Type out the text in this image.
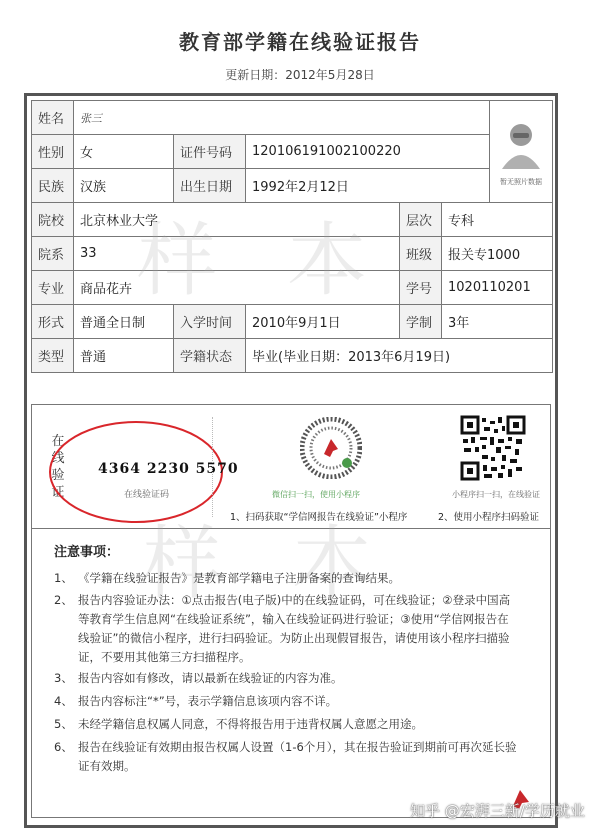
教育部学籍在线验证报告
更新日期：2012年5月28日
姓名	张三					暂无照片数据

性别	女	证件号码	120106191002100220			
民族	汉族	出生日期	1992年2月12日			
院校	北京林业大学			层次	专科	
院系	33			班级	报关专1000	
专业	商品花卉			学号	1020110201	
形式	普通全日制	入学时间	2010年9月1日	学制	3年	
类型	普通	学籍状态	毕业(毕业日期：2013年6月19日)			
样 本
在线验证
4364 2230 5570
在线验证码	微信扫一扫，使用小程序
1、扫码获取“学信网报告在线验证”小程序
小程序扫一扫，在线验证
2、使用小程序扫码验证
样 本
注意事项：
1、 《学籍在线验证报告》是教育部学籍电子注册备案的查询结果。
2、 报告内容验证办法：①点击报告(电子版)中的在线验证码，可在线验证；②登录中国高等教育学生信息网“在线验证系统”，输入在线验证码进行验证；③使用“学信网报告在线验证”的微信小程序，进行扫码验证。为防止出现假冒报告，请使用该小程序扫描验证，不要用其他第三方扫描程序。
3、 报告内容如有修改，请以最新在线验证的内容为准。
4、 报告内容标注“*”号，表示学籍信息该项内容不详。
5、 未经学籍信息权属人同意，不得将报告用于违背权属人意愿之用途。
6、 报告在线验证有效期由报告权属人设置（1-6个月），其在报告验证到期前可再次延长验证有效期。
知乎 @宏湃三新/学历就业
